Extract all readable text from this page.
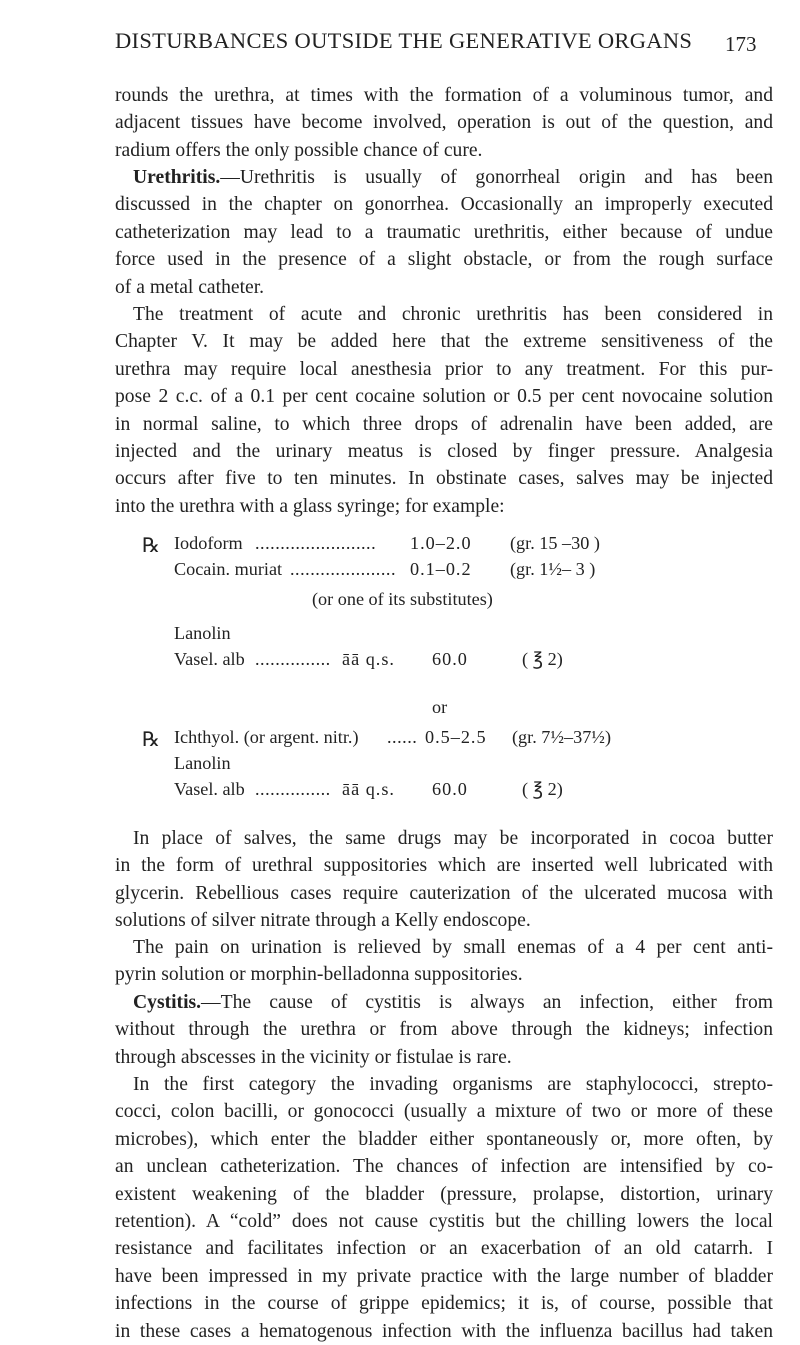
DISTURBANCES OUTSIDE THE GENERATIVE ORGANS 173
rounds the urethra, at times with the formation of a voluminous tumor, and
adjacent tissues have become involved, operation is out of the question, and
radium offers the only possible chance of cure.
Urethritis.—Urethritis is usually of gonorrheal origin and has been
discussed in the chapter on gonorrhea. Occasionally an improperly executed
catheterization may lead to a traumatic urethritis, either because of undue
force used in the presence of a slight obstacle, or from the rough surface
of a metal catheter.
The treatment of acute and chronic urethritis has been considered in
Chapter V. It may be added here that the extreme sensitiveness of the
urethra may require local anesthesia prior to any treatment. For this pur-
pose 2 c.c. of a 0.1 per cent cocaine solution or 0.5 per cent novocaine solution
in normal saline, to which three drops of adrenalin have been added, are
injected and the urinary meatus is closed by finger pressure. Analgesia
occurs after five to ten minutes. In obstinate cases, salves may be injected
into the urethra with a glass syringe; for example:
℞ Iodoform ........................ 1.0–2.0 (gr. 15 –30 )
Cocain. muriat ..................... 0.1–0.2 (gr. 1½– 3 )
(or one of its substitutes)
Lanolin
Vasel. alb ............... āā q.s. 60.0	( ℥ 2)
or
℞ Ichthyol. (or argent. nitr.) ...... 0.5–2.5 (gr. 7½–37½)
Lanolin
Vasel. alb ............... āā q.s. 60.0	( ℥ 2)
In place of salves, the same drugs may be incorporated in cocoa butter
in the form of urethral suppositories which are inserted well lubricated with
glycerin. Rebellious cases require cauterization of the ulcerated mucosa with
solutions of silver nitrate through a Kelly endoscope.
The pain on urination is relieved by small enemas of a 4 per cent anti-
pyrin solution or morphin-belladonna suppositories.
Cystitis.—The cause of cystitis is always an infection, either from
without through the urethra or from above through the kidneys; infection
through abscesses in the vicinity or fistulae is rare.
In the first category the invading organisms are staphylococci, strepto-
cocci, colon bacilli, or gonococci (usually a mixture of two or more of these
microbes), which enter the bladder either spontaneously or, more often, by
an unclean catheterization. The chances of infection are intensified by co-
existent weakening of the bladder (pressure, prolapse, distortion, urinary
retention). A “cold” does not cause cystitis but the chilling lowers the local
resistance and facilitates infection or an exacerbation of an old catarrh. I
have been impressed in my private practice with the large number of bladder
infections in the course of grippe epidemics; it is, of course, possible that
in these cases a hematogenous infection with the influenza bacillus had taken
